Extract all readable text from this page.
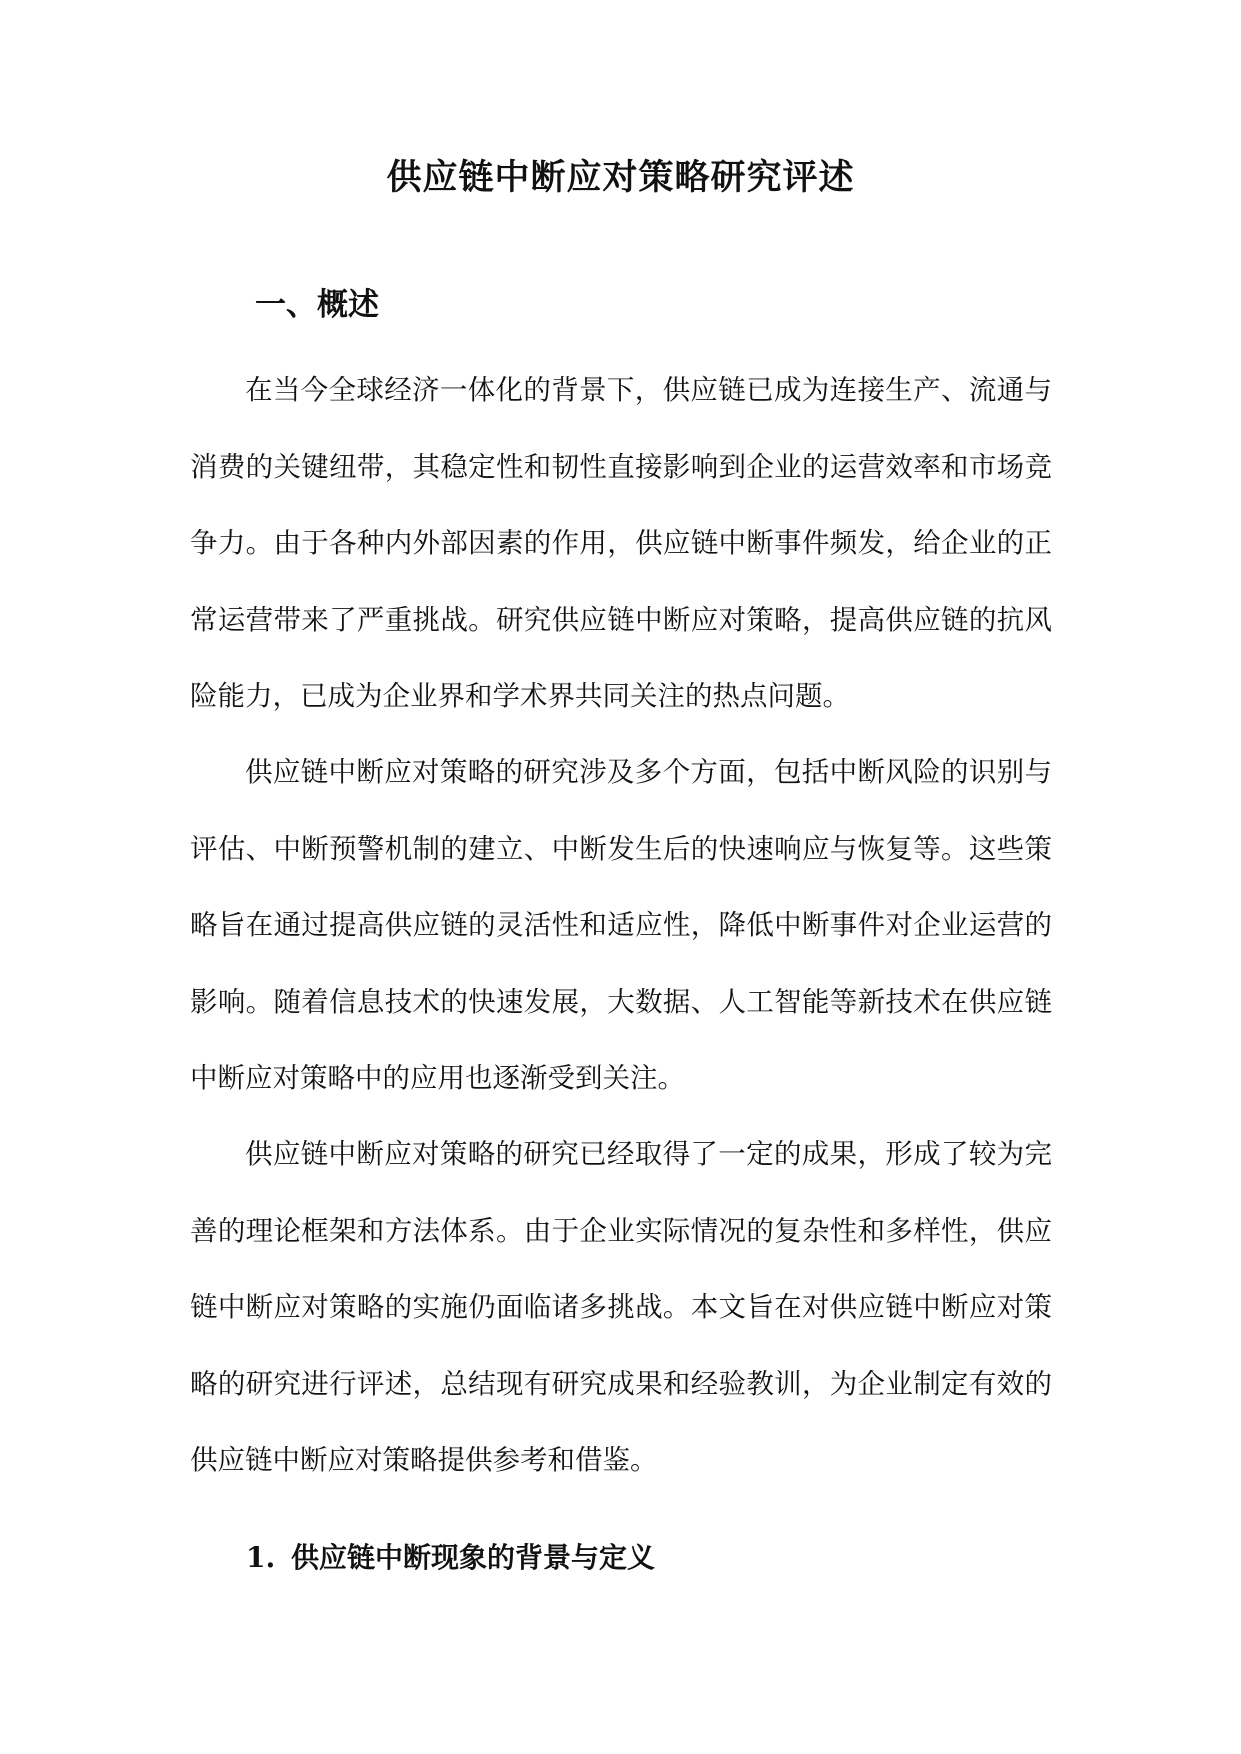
供应链中断应对策略研究评述
一、概述

在当今全球经济一体化的背景下，供应链已成为连接生产、流通与消费的关键纽带，其稳定性和韧性直接影响到企业的运营效率和市场竞争力。由于各种内外部因素的作用，供应链中断事件频发，给企业的正常运营带来了严重挑战。研究供应链中断应对策略，提高供应链的抗风险能力，已成为企业界和学术界共同关注的热点问题。

供应链中断应对策略的研究涉及多个方面，包括中断风险的识别与评估、中断预警机制的建立、中断发生后的快速响应与恢复等。这些策略旨在通过提高供应链的灵活性和适应性，降低中断事件对企业运营的影响。随着信息技术的快速发展，大数据、人工智能等新技术在供应链中断应对策略中的应用也逐渐受到关注。

供应链中断应对策略的研究已经取得了一定的成果，形成了较为完善的理论框架和方法体系。由于企业实际情况的复杂性和多样性，供应链中断应对策略的实施仍面临诸多挑战。本文旨在对供应链中断应对策略的研究进行评述，总结现有研究成果和经验教训，为企业制定有效的供应链中断应对策略提供参考和借鉴。

1. 供应链中断现象的背景与定义
